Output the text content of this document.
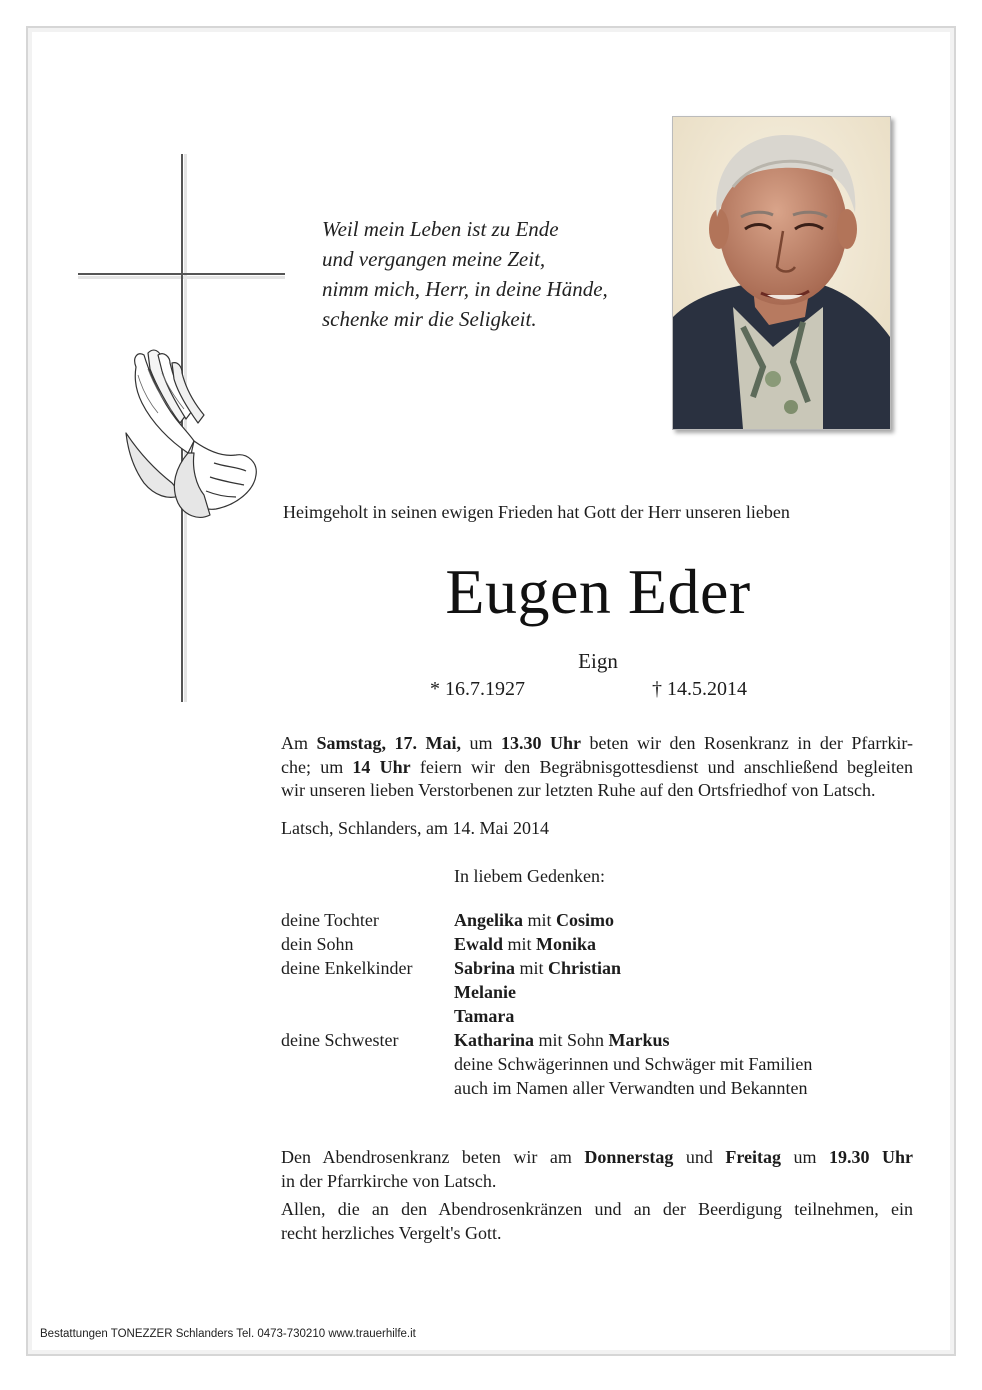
Weil mein Leben ist zu Ende
und vergangen meine Zeit,
nimm mich, Herr, in deine Hände,
schenke mir die Seligkeit.
Heimgeholt in seinen ewigen Frieden hat Gott der Herr unseren lieben
Eugen Eder
Eign
* 16.7.1927	† 14.5.2014
Am Samstag, 17. Mai, um 13.30 Uhr beten wir den Rosenkranz in der Pfarrkir-
che; um 14 Uhr feiern wir den Begräbnisgottesdienst und anschließend begleiten
wir unseren lieben Verstorbenen zur letzten Ruhe auf den Ortsfriedhof von Latsch.
Latsch, Schlanders, am 14. Mai 2014
In liebem Gedenken:
deine Tochter	Angelika mit Cosimo
dein Sohn	Ewald mit Monika
deine Enkelkinder	Sabrina mit Christian
Melanie
Tamara
deine Schwester	Katharina mit Sohn Markus
deine Schwägerinnen und Schwäger mit Familien
auch im Namen aller Verwandten und Bekannten
Den Abendrosenkranz beten wir am Donnerstag und Freitag um 19.30 Uhr
in der Pfarrkirche von Latsch.
Allen, die an den Abendrosenkränzen und an der Beerdigung teilnehmen, ein
recht herzliches Vergelt's Gott.
Bestattungen TONEZZER Schlanders Tel. 0473-730210 www.trauerhilfe.it
